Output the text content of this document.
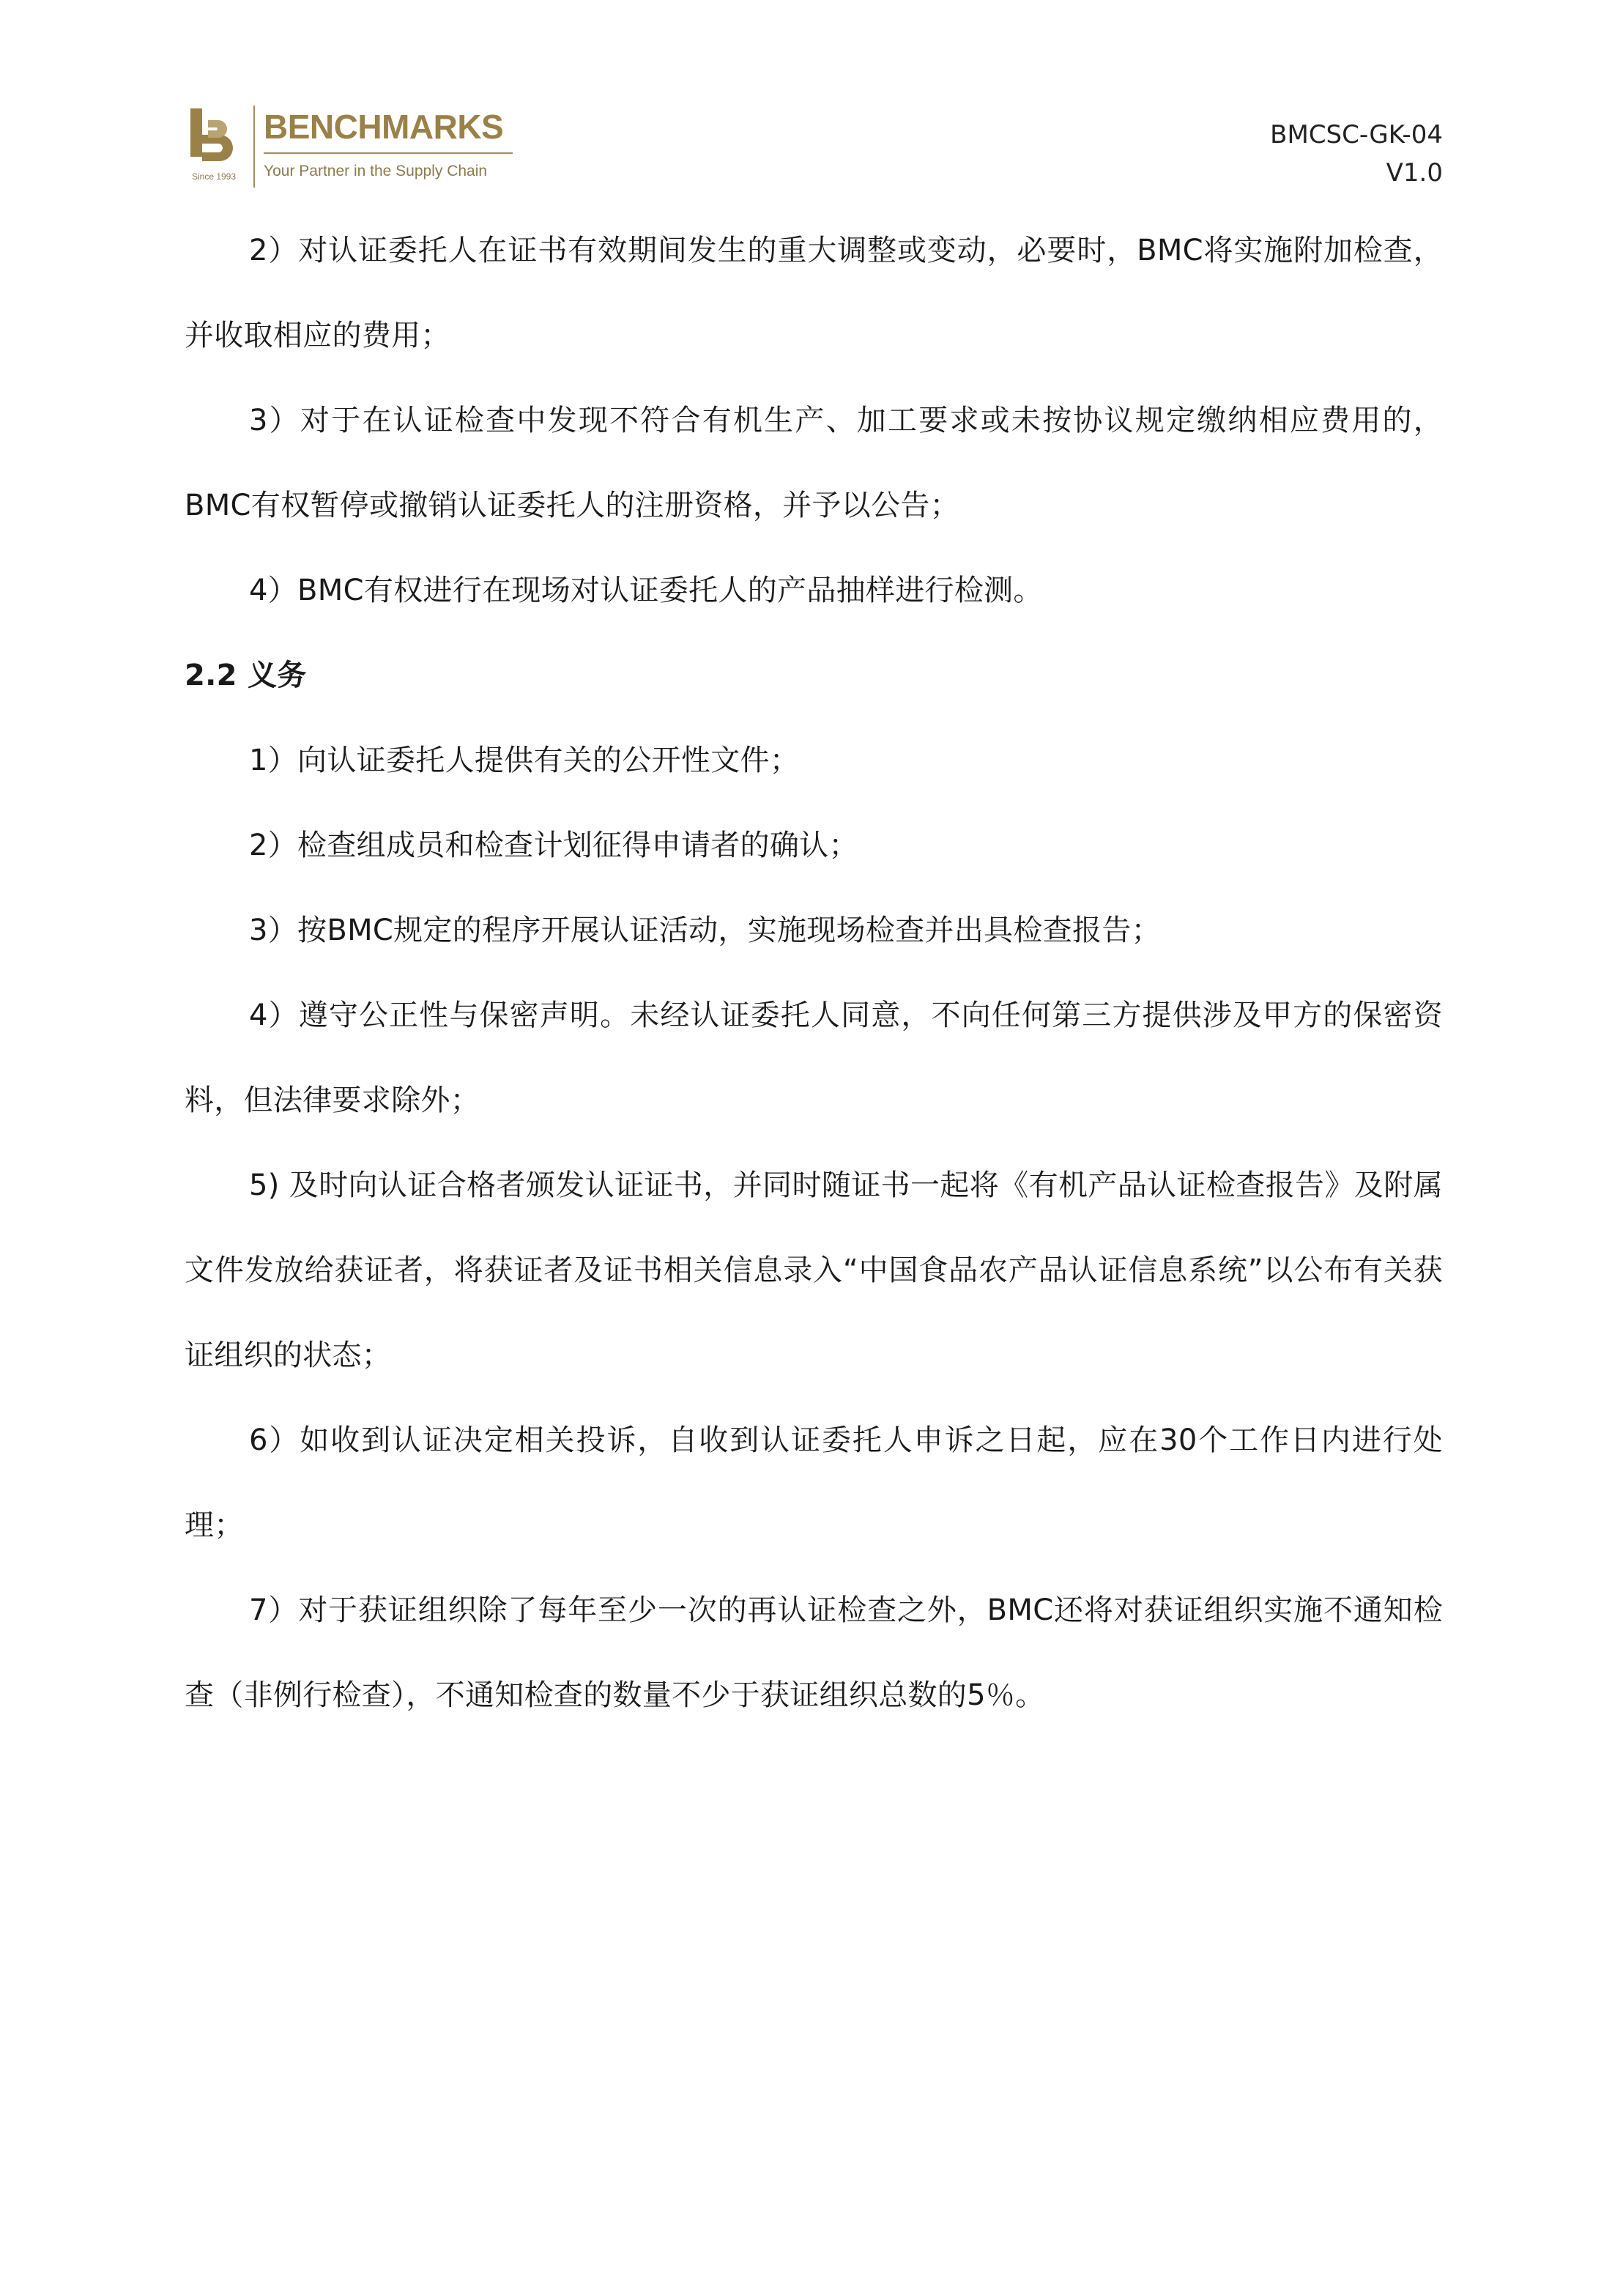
Since 1993
BENCHMARKS
Your Partner in the Supply Chain
BMCSC-GK-04
V1.0

2）对认证委托人在证书有效期间发生的重大调整或变动，必要时，BMC将实施附加检查，并收取相应的费用；

3）对于在认证检查中发现不符合有机生产、加工要求或未按协议规定缴纳相应费用的，BMC有权暂停或撤销认证委托人的注册资格，并予以公告；

4）BMC有权进行在现场对认证委托人的产品抽样进行检测。

2.2 义务

1）向认证委托人提供有关的公开性文件；

2）检查组成员和检查计划征得申请者的确认；

3）按BMC规定的程序开展认证活动，实施现场检查并出具检查报告；

4）遵守公正性与保密声明。未经认证委托人同意，不向任何第三方提供涉及甲方的保密资料，但法律要求除外；

5) 及时向认证合格者颁发认证证书，并同时随证书一起将《有机产品认证检查报告》及附属文件发放给获证者，将获证者及证书相关信息录入“中国食品农产品认证信息系统”以公布有关获证组织的状态；

6）如收到认证决定相关投诉，自收到认证委托人申诉之日起，应在30个工作日内进行处理；

7）对于获证组织除了每年至少一次的再认证检查之外，BMC还将对获证组织实施不通知检查（非例行检查），不通知检查的数量不少于获证组织总数的5％。
